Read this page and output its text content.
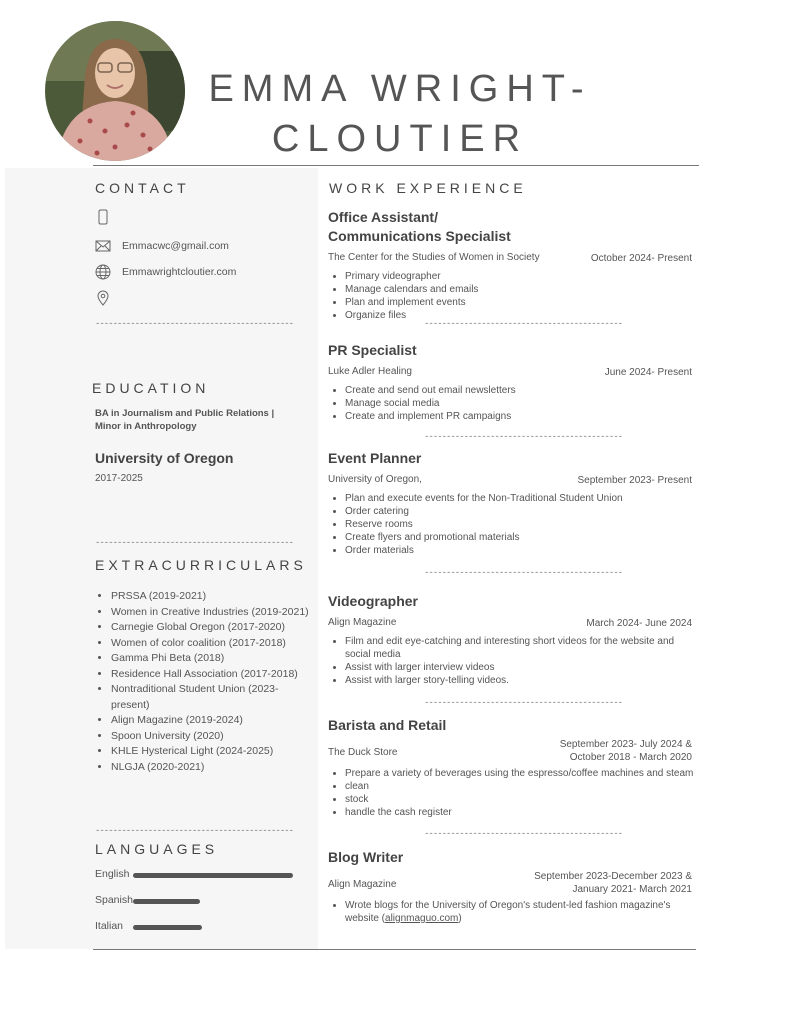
EMMA WRIGHT-
CLOUTIER
CONTACT
Emmacwc@gmail.com
Emmawrightcloutier.com
---------------------------------------------
EDUCATION
BA in Journalism and Public Relations | Minor in Anthropology
University of Oregon
2017-2025
---------------------------------------------
EXTRACURRICULARS
• PRSSA (2019-2021)
• Women in Creative Industries (2019-2021)
• Carnegie Global Oregon (2017-2020)
• Women of color coalition (2017-2018)
• Gamma Phi Beta (2018)
• Residence Hall Association (2017-2018)
• Nontraditional Student Union (2023-present)
• Align Magazine (2019-2024)
• Spoon University (2020)
• KHLE Hysterical Light (2024-2025)
• NLGJA (2020-2021)
---------------------------------------------
LANGUAGES
English
Spanish
Italian
WORK EXPERIENCE
Office Assistant/
Communications Specialist
The Center for the Studies of Women in Society	October 2024- Present
• Primary videographer
• Manage calendars and emails
• Plan and implement events
• Organize files
---------------------------------------------
PR Specialist
Luke Adler Healing	June 2024- Present
• Create and send out email newsletters
• Manage social media
• Create and implement PR campaigns
---------------------------------------------
Event Planner
University of Oregon,	September 2023- Present
• Plan and execute events for the Non-Traditional Student Union
• Order catering
• Reserve rooms
• Create flyers and promotional materials
• Order materials
---------------------------------------------
Videographer
Align Magazine	March 2024- June 2024
• Film and edit eye-catching and interesting short videos for the website and social media
• Assist with larger interview videos
• Assist with larger story-telling videos.
---------------------------------------------
Barista and Retail
The Duck Store
September 2023- July 2024 &
October 2018 - March 2020
• Prepare a variety of beverages using the espresso/coffee machines and steam
• clean
• stock
• handle the cash register
---------------------------------------------
Blog Writer
Align Magazine
September 2023-December 2023 &
January 2021- March 2021
• Wrote blogs for the University of Oregon's student-led fashion magazine's website (alignmaguo.com)
